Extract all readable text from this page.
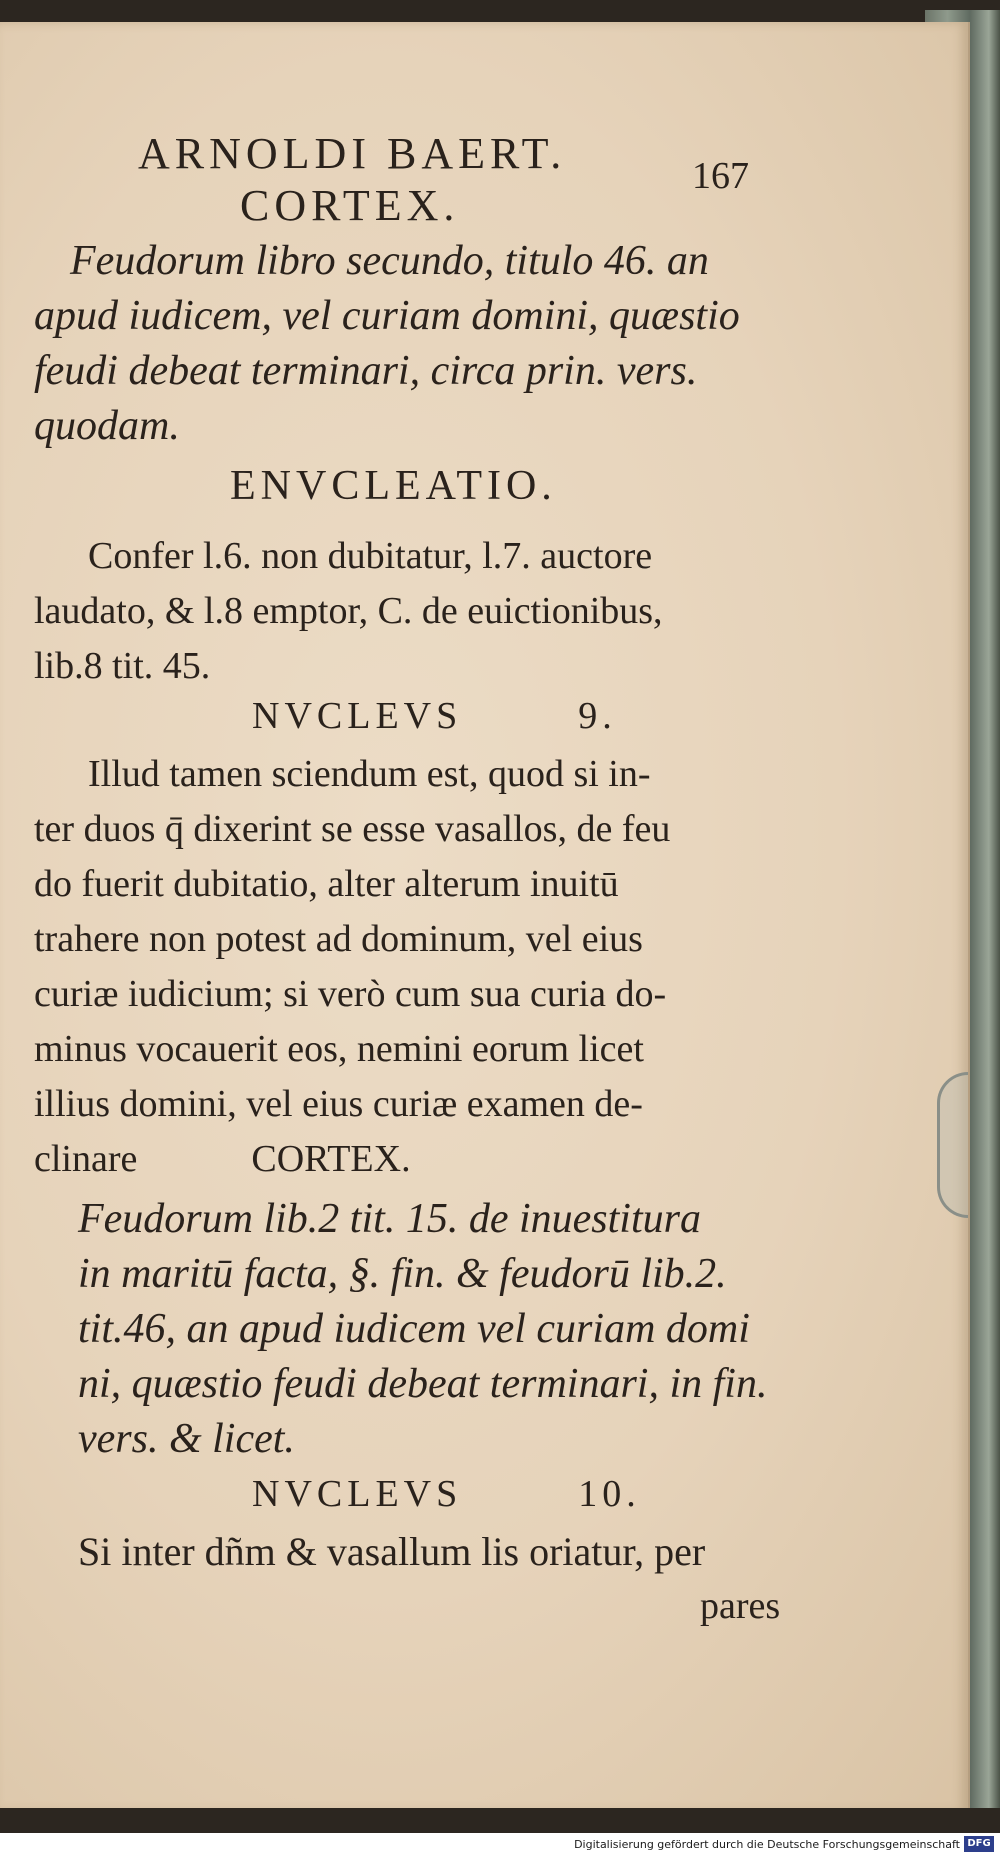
ARNOLDI BAERT.	167
CORTEX.
Feudorum libro secundo, titulo 46. an
apud iudicem, vel curiam domini, quæstio
feudi debeat terminari, circa prin. vers.
quodam.
ENVCLEATIO.
Confer l.6. non dubitatur, l.7. auctore
laudato, & l.8 emptor, C. de euictionibus,
lib.8 tit. 45.
NVCLEVS        9.
Illud tamen sciendum est, quod si in-
ter duos q̄ dixerint se esse vasallos, de feu
do fuerit dubitatio, alter alterum inuitū
trahere non potest ad dominum, vel eius
curiæ iudicium; si verò cum sua curia do-
minus vocauerit eos, nemini eorum licet
illius domini, vel eius curiæ examen de-
clinare            CORTEX.
Feudorum lib.2 tit. 15. de inuestitura
in maritū facta, §. fin. & feudorū lib.2.
tit.46, an apud iudicem vel curiam domi
ni, quæstio feudi debeat terminari, in fin.
vers. & licet.
NVCLEVS        10.
Si inter dñm & vasallum lis oriatur, per
pares
Digitalisierung gefördert durch die Deutsche Forschungsgemeinschaft DFG
